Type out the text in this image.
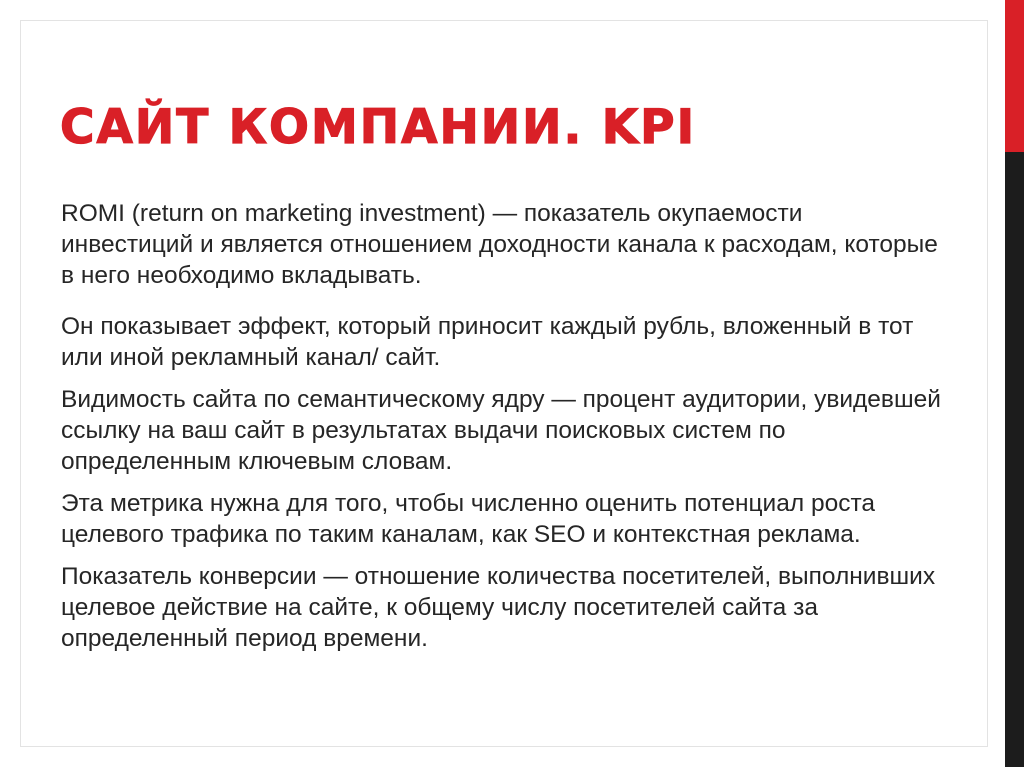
САЙТ КОМПАНИИ. KPI

ROMI (return on marketing investment) — показатель окупаемости инвестиций и является отношением доходности канала к расходам, которые в него необходимо вкладывать.

Он показывает эффект, который приносит каждый рубль, вложенный в тот или иной рекламный канал/ сайт.

Видимость сайта по семантическому ядру — процент аудитории, увидевшей ссылку на ваш сайт в результатах выдачи поисковых систем по определенным ключевым словам.

Эта метрика нужна для того, чтобы численно оценить потенциал роста целевого трафика по таким каналам, как SEO и контекстная реклама.

Показатель конверсии — отношение количества посетителей, выполнивших целевое действие на сайте, к общему числу посетителей сайта за определенный период времени.
